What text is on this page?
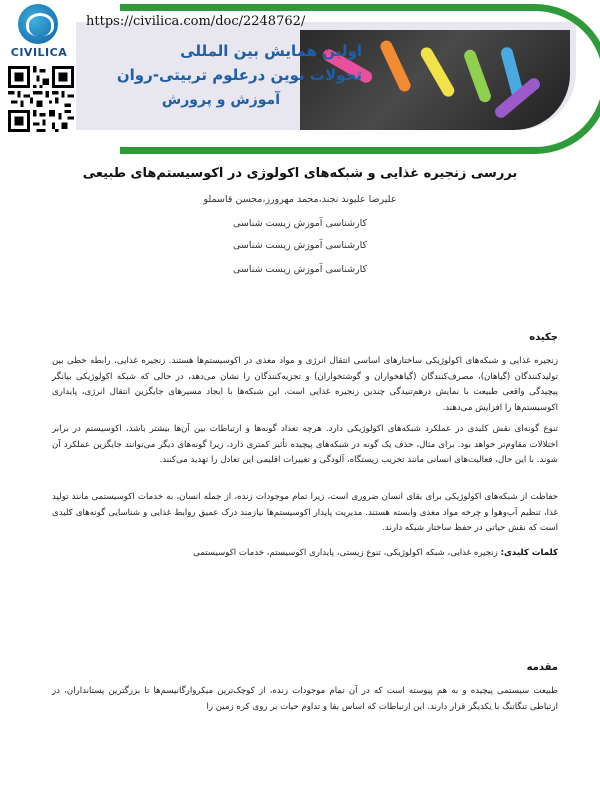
اولین همایش بین المللی
تحولات نوین درعلوم تربیتی-روان
آموزش و پرورش
CIVILICA
https://civilica.com/doc/2248762/
بررسی زنجیره غذایی و شبکه‌های اکولوژی در اکوسیستم‌های طبیعی
علیرضا علیوند نجند،محمد مهرورز،محسن قاسملو
کارشناسی آموزش زیست شناسی
کارشناسی آموزش زیست شناسی
کارشناسی آموزش زیست شناسی
چکیده
زنجیره غذایی و شبکه‌های اکولوژیکی ساختارهای اساسی انتقال انرژی و مواد مغذی در اکوسیستم‌ها هستند. زنجیره غذایی، رابطه خطی بین تولیدکنندگان (گیاهان)، مصرف‌کنندگان (گیاهخواران و گوشتخواران) و تجزیه‌کنندگان را نشان می‌دهد، در حالی که شبکه اکولوژیکی بیانگر پیچیدگی واقعی طبیعت با نمایش درهم‌تنیدگی چندین زنجیره غذایی است. این شبکه‌ها با ایجاد مسیرهای جایگزین انتقال انرژی، پایداری اکوسیستم‌ها را افزایش می‌دهند.
تنوع گونه‌ای نقش کلیدی در عملکرد شبکه‌های اکولوژیکی دارد. هرچه تعداد گونه‌ها و ارتباطات بین آن‌ها بیشتر باشد، اکوسیستم در برابر اختلالات مقاوم‌تر خواهد بود. برای مثال، حذف یک گونه در شبکه‌های پیچیده تأثیر کمتری دارد، زیرا گونه‌های دیگر می‌توانند جایگزین عملکرد آن شوند. با این حال، فعالیت‌های انسانی مانند تخریب زیستگاه، آلودگی و تغییرات اقلیمی این تعادل را تهدید می‌کنند.
حفاظت از شبکه‌های اکولوژیکی برای بقای انسان ضروری است، زیرا تمام موجودات زنده، از جمله انسان، به خدمات اکوسیستمی مانند تولید غذا، تنظیم آب‌وهوا و چرخه مواد مغذی وابسته هستند. مدیریت پایدار اکوسیستم‌ها نیازمند درک عمیق روابط غذایی و شناسایی گونه‌های کلیدی است که نقش حیاتی در حفظ ساختار شبکه دارند.
کلمات کلیدی: زنجیره غذایی، شبکه اکولوژیکی، تنوع زیستی، پایداری اکوسیستم، خدمات اکوسیستمی
مقدمه
طبیعت سیستمی پیچیده و به هم پیوسته است که در آن تمام موجودات زنده، از کوچک‌ترین میکروارگانیسم‌ها تا بزرگترین پستانداران، در ارتباطی تنگاتنگ با یکدیگر قرار دارند. این ارتباطات که اساس بقا و تداوم حیات بر روی کره زمین را
